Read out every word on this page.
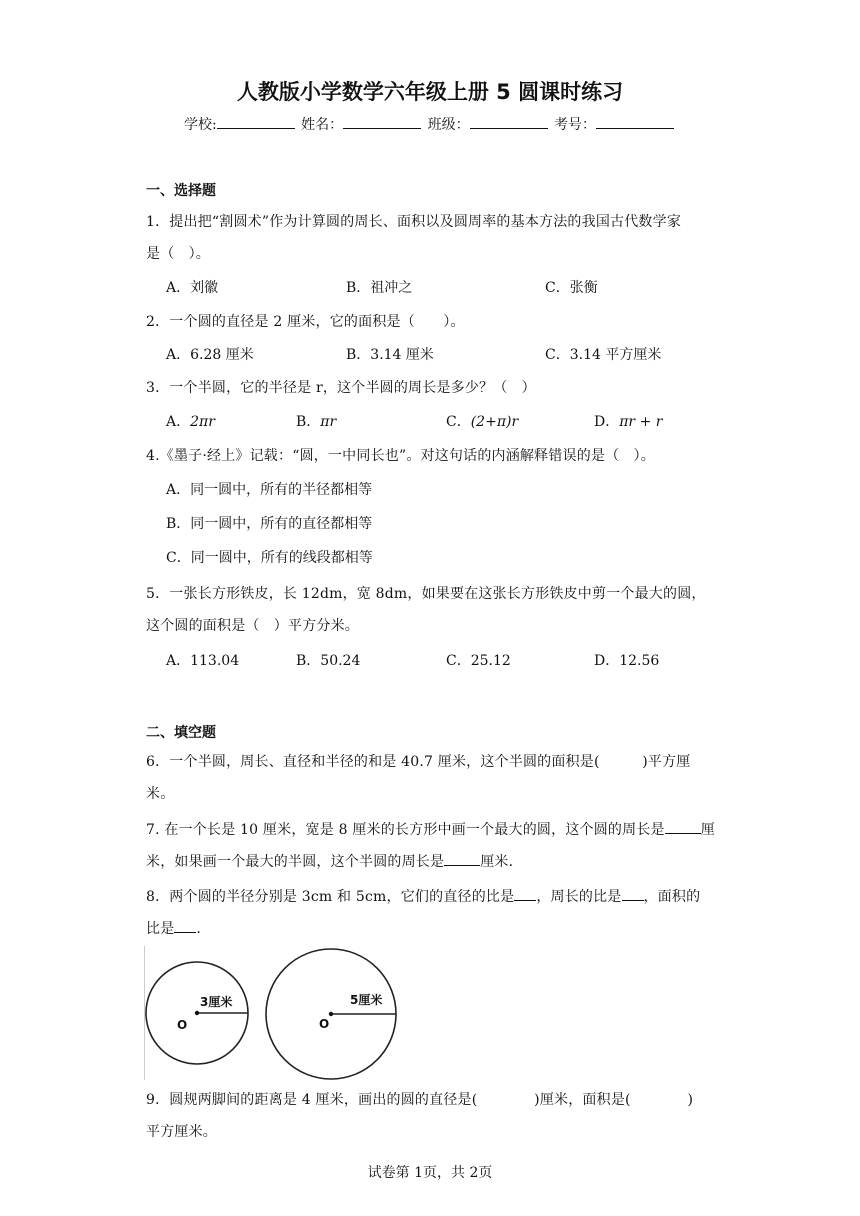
人教版小学数学六年级上册 5 圆课时练习
学校:	姓名：	班级：	考号：
一、选择题
1．提出把“割圆术”作为计算圆的周长、面积以及圆周率的基本方法的我国古代数学家
是（　）。
A．刘徽	B．祖冲之	C．张衡
2．一个圆的直径是 2 厘米，它的面积是（　　）。
A．6.28 厘米	B．3.14 厘米	C．3.14 平方厘米
3．一个半圆，它的半径是 r，这个半圆的周长是多少？（　）
A．2πr	B．πr	C．(2+π)r	D．πr + r
4.《墨子·经上》记载：“圆，一中同长也”。对这句话的内涵解释错误的是（　）。
A．同一圆中，所有的半径都相等
B．同一圆中，所有的直径都相等
C．同一圆中，所有的线段都相等
5．一张长方形铁皮，长 12dm，宽 8dm，如果要在这张长方形铁皮中剪一个最大的圆，
这个圆的面积是（　）平方分米。
A．113.04	B．50.24	C．25.12	D．12.56
二、填空题
6．一个半圆，周长、直径和半径的和是 40.7 厘米，这个半圆的面积是(　　　)平方厘
米。
7. 在一个长是 10 厘米，宽是 8 厘米的长方形中画一个最大的圆，这个圆的周长是	厘
米，如果画一个最大的半圆，这个半圆的周长是	厘米.
8．两个圆的半径分别是 3cm 和 5cm，它们的直径的比是 ，周长的比是 ，面积的
比是 .
3厘米
O
5厘米
O
9．圆规两脚间的距离是 4 厘米，画出的圆的直径是(　　　　)厘米，面积是(　　　　)
平方厘米。
试卷第 1页，共 2页
